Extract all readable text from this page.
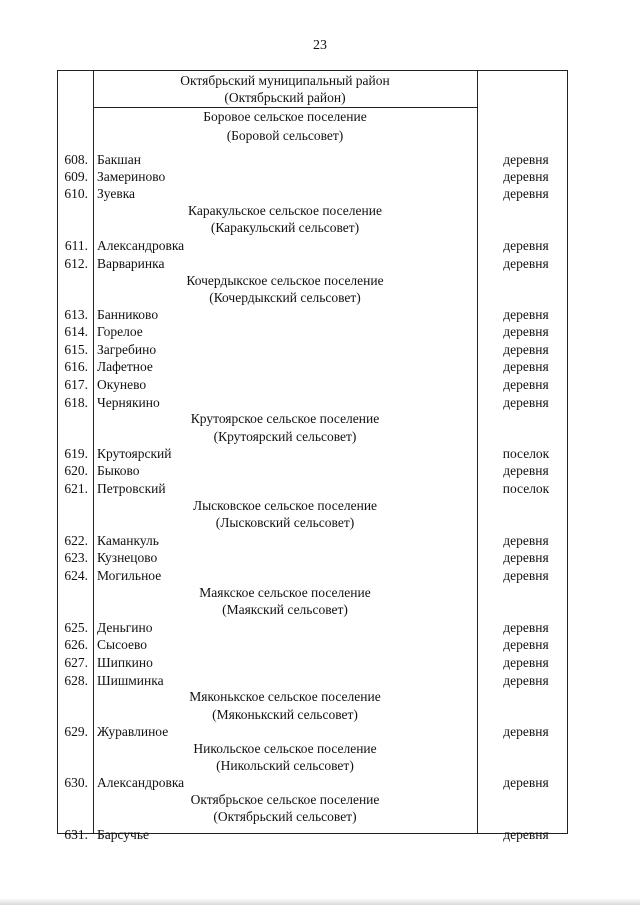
23
Октябрьский муниципальный район
(Октябрьский район)
Боровое сельское поселение
(Боровой сельсовет)
608. Бакшан	деревня
609. Замериново	деревня
610. Зуевка	деревня
Каракульское сельское поселение
(Каракульский сельсовет)
611. Александровка	деревня
612. Варваринка	деревня
Кочердыкское сельское поселение
(Кочердыкский сельсовет)
613. Банниково	деревня
614. Горелое	деревня
615. Загребино	деревня
616. Лафетное	деревня
617. Окунево	деревня
618. Чернякино	деревня
Крутоярское сельское поселение
(Крутоярский сельсовет)
619. Крутоярский	поселок
620. Быково	деревня
621. Петровский	поселок
Лысковское сельское поселение
(Лысковский сельсовет)
622. Каманкуль	деревня
623. Кузнецово	деревня
624. Могильное	деревня
Маякское сельское поселение
(Маякский сельсовет)
625. Деньгино	деревня
626. Сысоево	деревня
627. Шипкино	деревня
628. Шишминка	деревня
Мяконькское сельское поселение
(Мяконькский сельсовет)
629. Журавлиное	деревня
Никольское сельское поселение
(Никольский сельсовет)
630. Александровка	деревня
Октябрьское сельское поселение
(Октябрьский сельсовет)
631. Барсучье	деревня
